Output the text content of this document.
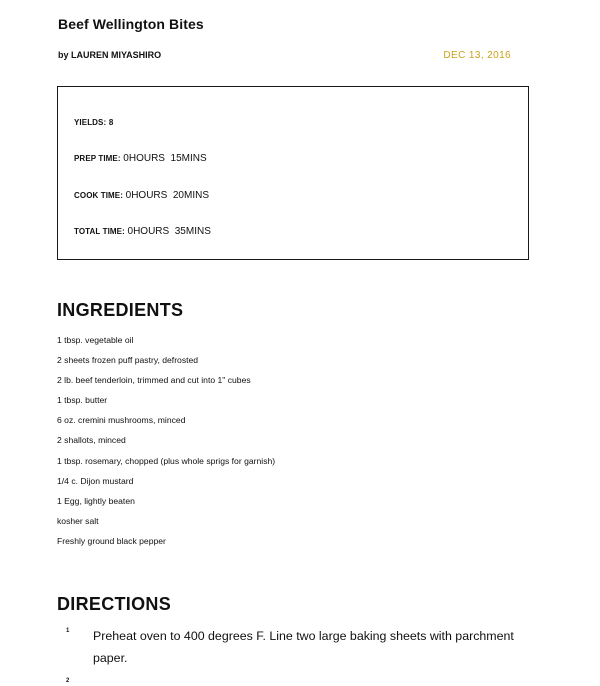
Beef Wellington Bites
by LAUREN MIYASHIRO	DEC 13, 2016
YIELDS: 8
PREP TIME: 0HOURS  15MINS
COOK TIME: 0HOURS  20MINS
TOTAL TIME: 0HOURS  35MINS
INGREDIENTS
1 tbsp. vegetable oil
2 sheets frozen puff pastry, defrosted
2 lb. beef tenderloin, trimmed and cut into 1" cubes
1 tbsp. butter
6 oz. cremini mushrooms, minced
2 shallots, minced
1 tbsp. rosemary, chopped (plus whole sprigs for garnish)
1/4 c. Dijon mustard
1 Egg, lightly beaten
kosher salt
Freshly ground black pepper
DIRECTIONS
1 Preheat oven to 400 degrees F. Line two large baking sheets with parchment paper.
2
